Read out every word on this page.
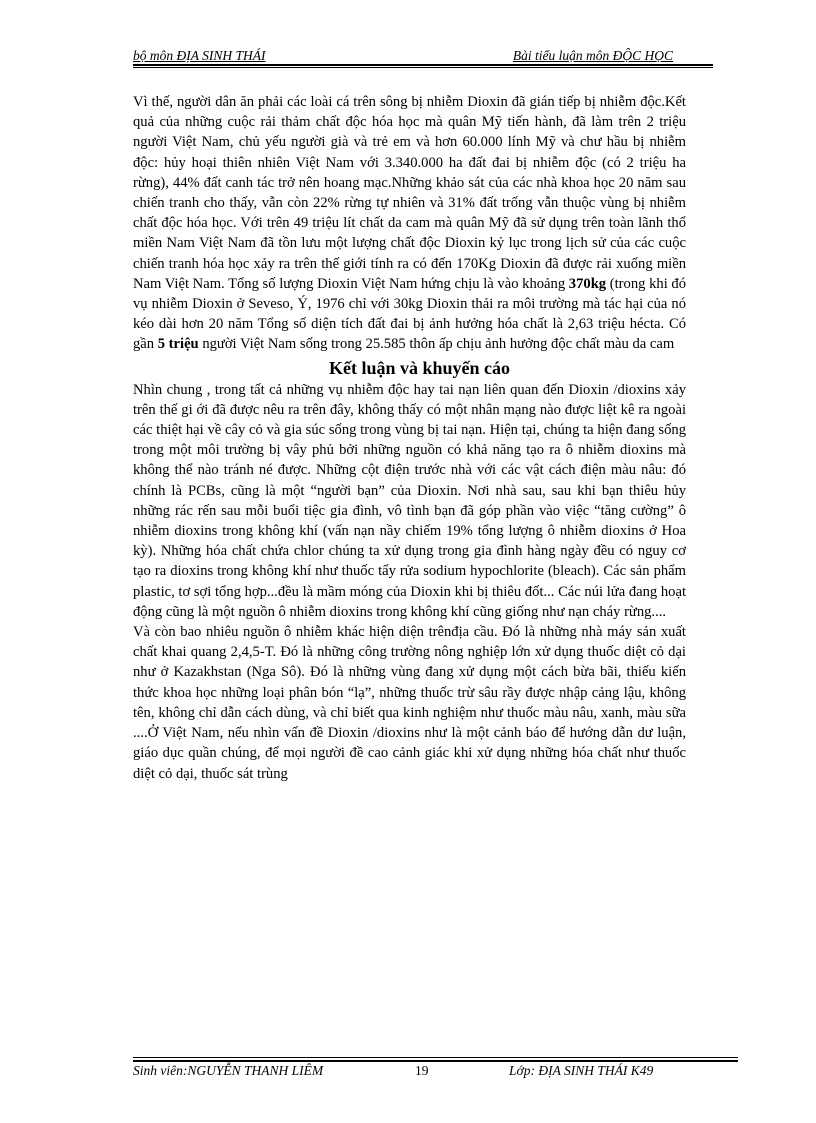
bộ môn ĐỊA SINH THÁI	Bài tiểu luận môn ĐỘC HỌC

Vì thế, người dân ăn phải các loài cá trên sông bị nhiễm Dioxin đã gián tiếp bị nhiễm độc.Kết quả của những cuộc rải thảm chất độc hóa học mà quân Mỹ tiến hành, đã làm trên 2 triệu người Việt Nam, chủ yếu người già và trẻ em và hơn 60.000 lính Mỹ và chư hầu bị nhiễm độc: hủy hoại thiên nhiên Việt Nam với 3.340.000 ha đất đai bị nhiễm độc (có 2 triệu ha rừng), 44% đất canh tác trở nên hoang mạc.Những khảo sát của các nhà khoa học 20 năm sau chiến tranh cho thấy, vẫn còn 22% rừng tự nhiên và 31% đất trống vẫn thuộc vùng bị nhiễm chất độc hóa học. Với trên 49 triệu lít chất da cam mà quân Mỹ đã sử dụng trên toàn lãnh thổ miền Nam Việt Nam đã tồn lưu một lượng chất độc Dioxin kỷ lục trong lịch sử của các cuộc chiến tranh hóa học xảy ra trên thế giới tính ra có đến 170Kg Dioxin đã được rải xuống miền Nam Việt Nam. Tổng số lượng Dioxin Việt Nam hứng chịu là vào khoảng 370kg (trong khi đó vụ nhiễm Dioxin ở Seveso, Ý, 1976 chỉ với 30kg Dioxin thải ra môi trường mà tác hại của nó kéo dài hơn 20 năm Tổng số diện tích đất đai bị ảnh hưởng hóa chất là 2,63 triệu hécta. Có gần 5 triệu người Việt Nam sống trong 25.585 thôn ấp chịu ảnh hưởng độc chất màu da cam

Kết luận và khuyến cáo

Nhìn chung , trong tất cả những vụ nhiễm độc hay tai nạn liên quan đến Dioxin /dioxins xảy trên thế gi ới đã được nêu ra trên đây, không thấy có một nhân mạng nào được liệt kê ra ngoài các thiệt hại về cây cỏ và gia súc sống trong vùng bị tai nạn. Hiện tại, chúng ta hiện đang sống trong một môi trường bị vây phủ bởi những nguồn có khả năng tạo ra ô nhiễm dioxins mà không thể nào tránh né được. Những cột điện trước nhà với các vật cách điện màu nâu: đó chính là PCBs, cũng là một “người bạn” của Dioxin. Nơi nhà sau, sau khi bạn thiêu hủy những rác rến sau mỗi buổi tiệc gia đình, vô tình bạn đã góp phần vào việc “tăng cường” ô nhiễm dioxins trong không khí (vấn nạn nầy chiếm 19% tổng lượng ô nhiễm dioxins ở Hoa kỳ). Những hóa chất chứa chlor chúng ta xử dụng trong gia đình hàng ngày đều có nguy cơ tạo ra dioxins trong không khí như thuốc tẩy rửa sodium hypochlorite (bleach). Các sản phẩm plastic, tơ sợi tổng hợp...đều là mầm móng của Dioxin khi bị thiêu đốt... Các núi lửa đang hoạt động cũng là một nguồn ô nhiễm dioxins trong không khí cũng giống như nạn cháy rừng....

Và còn bao nhiêu nguồn ô nhiễm khác hiện diện trênđịa cầu. Đó là những nhà máy sản xuất chất khai quang 2,4,5-T. Đó là những công trường nông nghiệp lớn xử dụng thuốc diệt cỏ dại như ở Kazakhstan (Nga Sô). Đó là những vùng đang xử dụng một cách bừa bãi, thiếu kiến thức khoa học những loại phân bón “lạ”, những thuốc trừ sâu rầy được nhập cảng lậu, không tên, không chỉ dẫn cách dùng, và chỉ biết qua kinh nghiệm như thuốc màu nâu, xanh, màu sữa ....Ở Việt Nam, nếu nhìn vấn đề Dioxin /dioxins như là một cảnh báo để hướng dẫn dư luận, giáo dục quần chúng, để mọi người đề cao cảnh giác khi xử dụng những hóa chất như thuốc diệt cỏ dại, thuốc sát trùng

Sinh viên:NGUYỄN THANH LIÊM	19	Lớp: ĐỊA SINH THÁI K49
